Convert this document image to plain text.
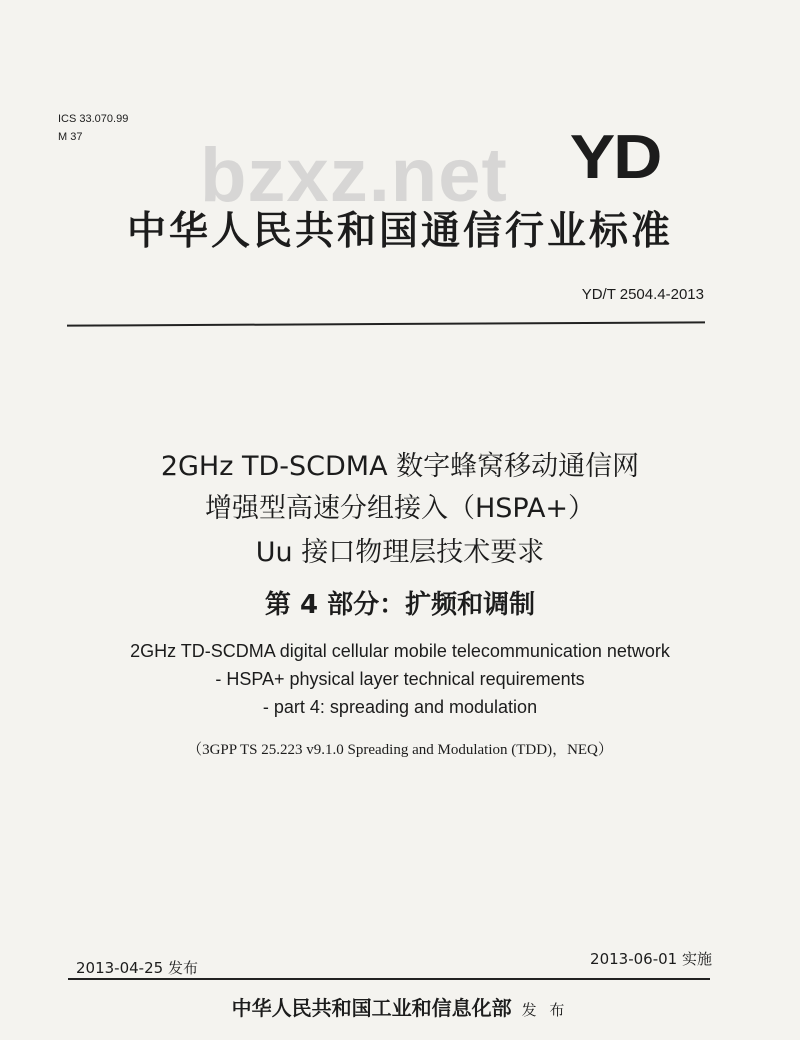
ICS 33.070.99
M 37	bzxz.net YD
中华人民共和国通信行业标准
YD/T 2504.4-2013
2GHz TD-SCDMA 数字蜂窝移动通信网
增强型高速分组接入（HSPA+）
Uu 接口物理层技术要求
第 4 部分：扩频和调制
2GHz TD-SCDMA digital cellular mobile telecommunication network
- HSPA+ physical layer technical requirements
- part 4: spreading and modulation
（3GPP TS 25.223 v9.1.0 Spreading and Modulation (TDD)，NEQ）
2013-04-25 发布	2013-06-01 实施
中华人民共和国工业和信息化部 发 布
